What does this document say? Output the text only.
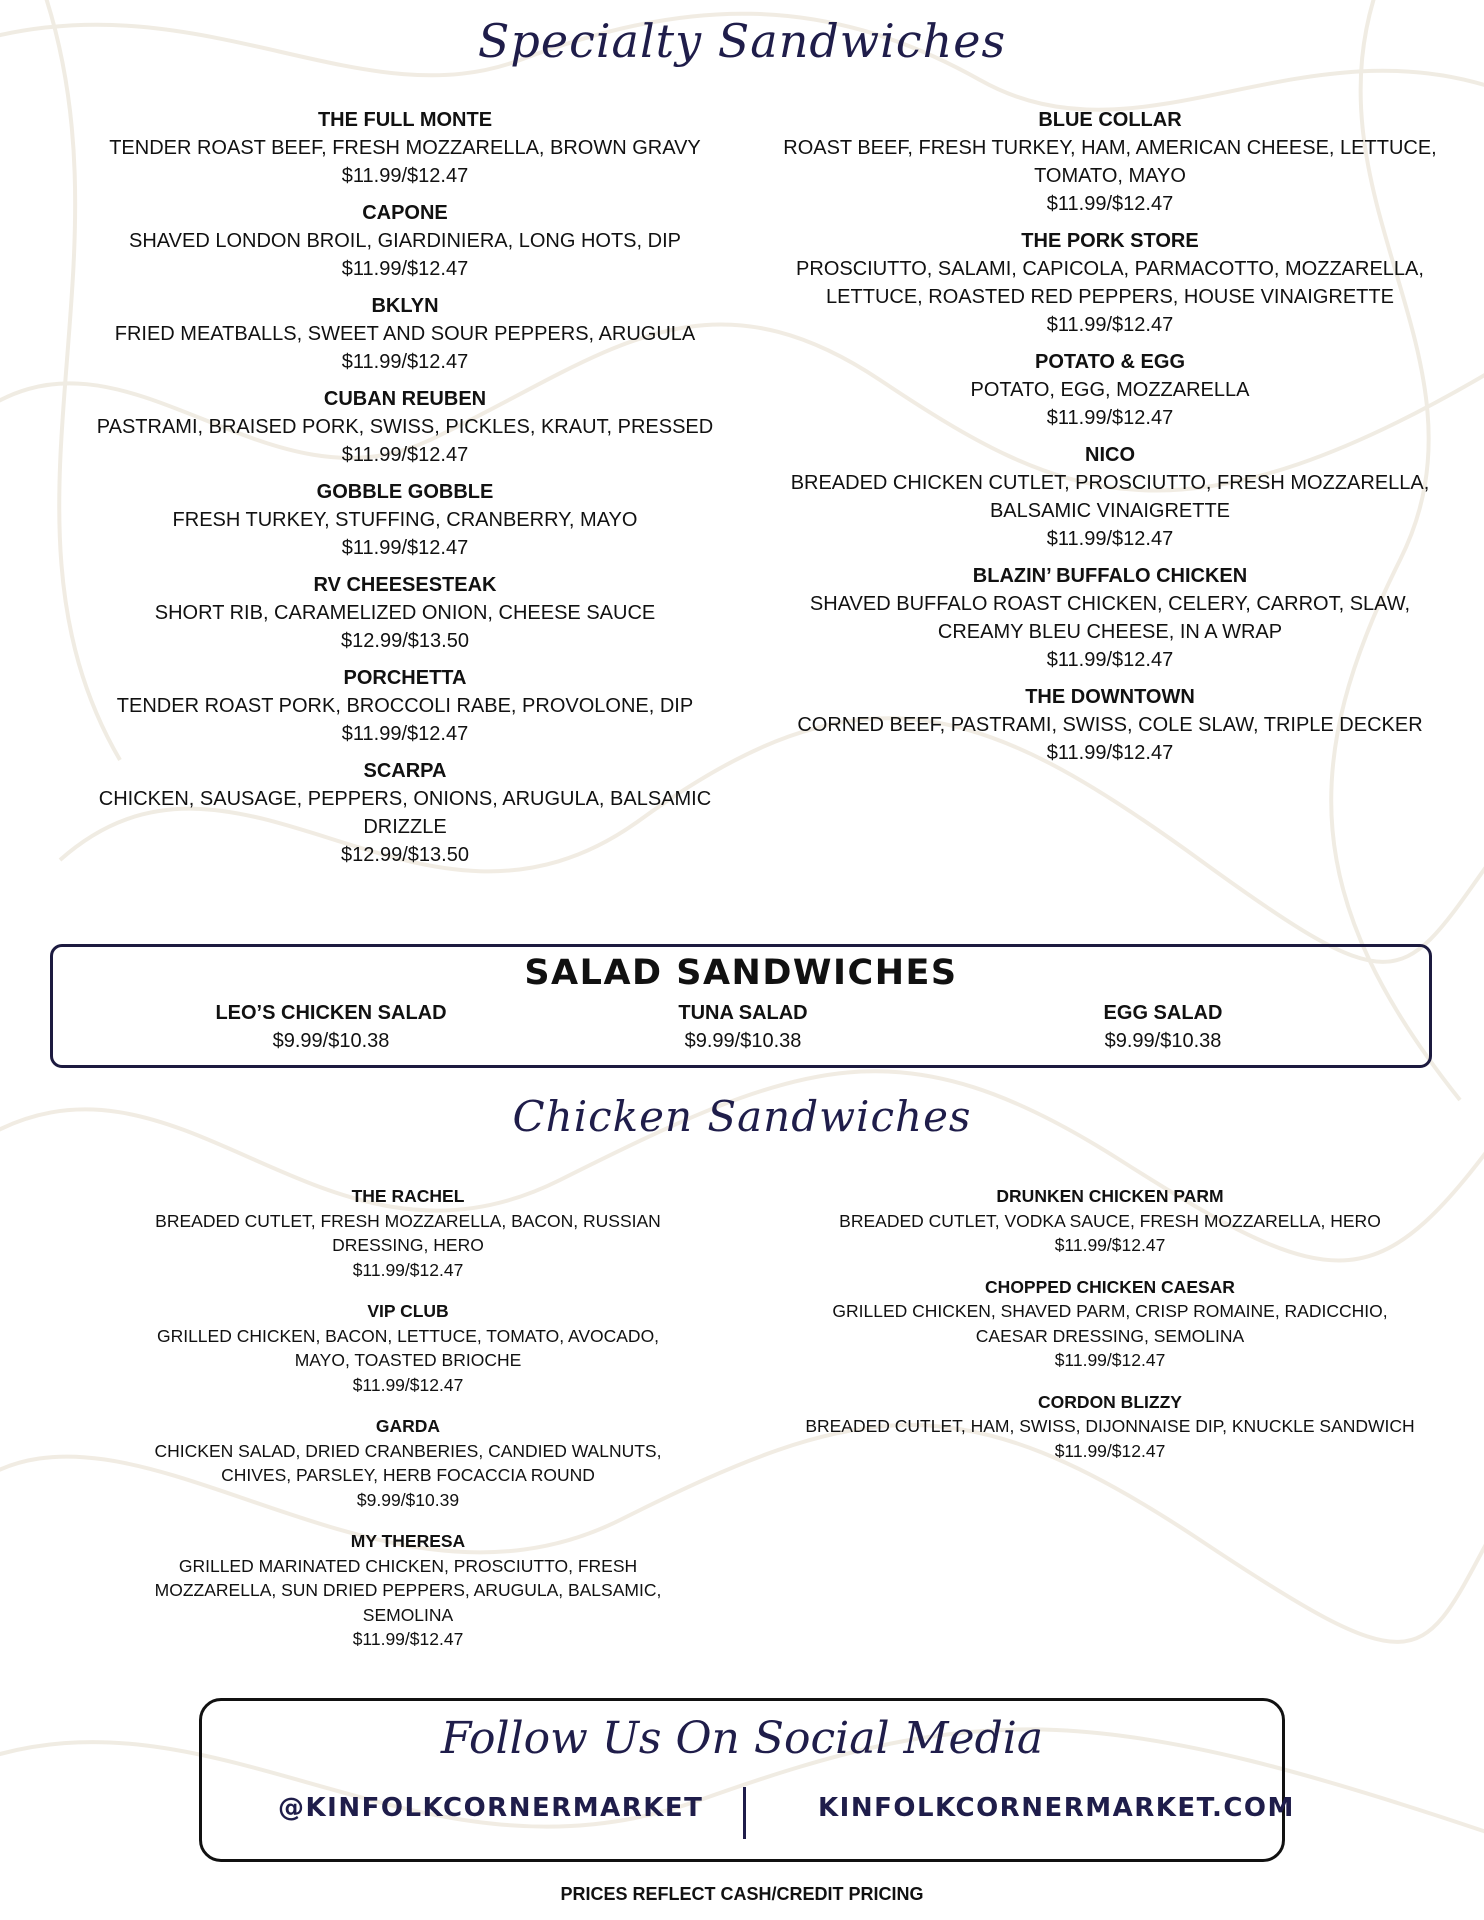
Specialty Sandwiches
THE FULL MONTE
TENDER ROAST BEEF, FRESH MOZZARELLA, BROWN GRAVY
$11.99/$12.47
CAPONE
SHAVED LONDON BROIL, GIARDINIERA, LONG HOTS, DIP
$11.99/$12.47
BKLYN
FRIED MEATBALLS, SWEET AND SOUR PEPPERS, ARUGULA
$11.99/$12.47
CUBAN REUBEN
PASTRAMI, BRAISED PORK, SWISS, PICKLES, KRAUT, PRESSED
$11.99/$12.47
GOBBLE GOBBLE
FRESH TURKEY, STUFFING, CRANBERRY, MAYO
$11.99/$12.47
RV CHEESESTEAK
SHORT RIB, CARAMELIZED ONION, CHEESE SAUCE
$12.99/$13.50
PORCHETTA
TENDER ROAST PORK, BROCCOLI RABE, PROVOLONE, DIP
$11.99/$12.47
SCARPA
CHICKEN, SAUSAGE, PEPPERS, ONIONS, ARUGULA, BALSAMIC DRIZZLE
$12.99/$13.50
BLUE COLLAR
ROAST BEEF, FRESH TURKEY, HAM, AMERICAN CHEESE, LETTUCE, TOMATO, MAYO
$11.99/$12.47
THE PORK STORE
PROSCIUTTO, SALAMI, CAPICOLA, PARMACOTTO, MOZZARELLA, LETTUCE, ROASTED RED PEPPERS, HOUSE VINAIGRETTE
$11.99/$12.47
POTATO & EGG
POTATO, EGG, MOZZARELLA
$11.99/$12.47
NICO
BREADED CHICKEN CUTLET, PROSCIUTTO, FRESH MOZZARELLA, BALSAMIC VINAIGRETTE
$11.99/$12.47
BLAZIN’ BUFFALO CHICKEN
SHAVED BUFFALO ROAST CHICKEN, CELERY, CARROT, SLAW, CREAMY BLEU CHEESE, IN A WRAP
$11.99/$12.47
THE DOWNTOWN
CORNED BEEF, PASTRAMI, SWISS, COLE SLAW, TRIPLE DECKER
$11.99/$12.47
SALAD SANDWICHES
LEO’S CHICKEN SALAD
$9.99/$10.38
TUNA SALAD
$9.99/$10.38
EGG SALAD
$9.99/$10.38
Chicken Sandwiches
THE RACHEL
BREADED CUTLET, FRESH MOZZARELLA, BACON, RUSSIAN DRESSING, HERO
$11.99/$12.47
VIP CLUB
GRILLED CHICKEN, BACON, LETTUCE, TOMATO, AVOCADO, MAYO, TOASTED BRIOCHE
$11.99/$12.47
GARDA
CHICKEN SALAD, DRIED CRANBERIES, CANDIED WALNUTS, CHIVES, PARSLEY, HERB FOCACCIA ROUND
$9.99/$10.39
MY THERESA
GRILLED MARINATED CHICKEN, PROSCIUTTO, FRESH MOZZARELLA, SUN DRIED PEPPERS, ARUGULA, BALSAMIC, SEMOLINA
$11.99/$12.47
DRUNKEN CHICKEN PARM
BREADED CUTLET, VODKA SAUCE, FRESH MOZZARELLA, HERO
$11.99/$12.47
CHOPPED CHICKEN CAESAR
GRILLED CHICKEN, SHAVED PARM, CRISP ROMAINE, RADICCHIO, CAESAR DRESSING, SEMOLINA
$11.99/$12.47
CORDON BLIZZY
BREADED CUTLET, HAM, SWISS, DIJONNAISE DIP, KNUCKLE SANDWICH
$11.99/$12.47
Follow Us On Social Media
@KINFOLKCORNERMARKET	KINFOLKCORNERMARKET.COM
PRICES REFLECT CASH/CREDIT PRICING
